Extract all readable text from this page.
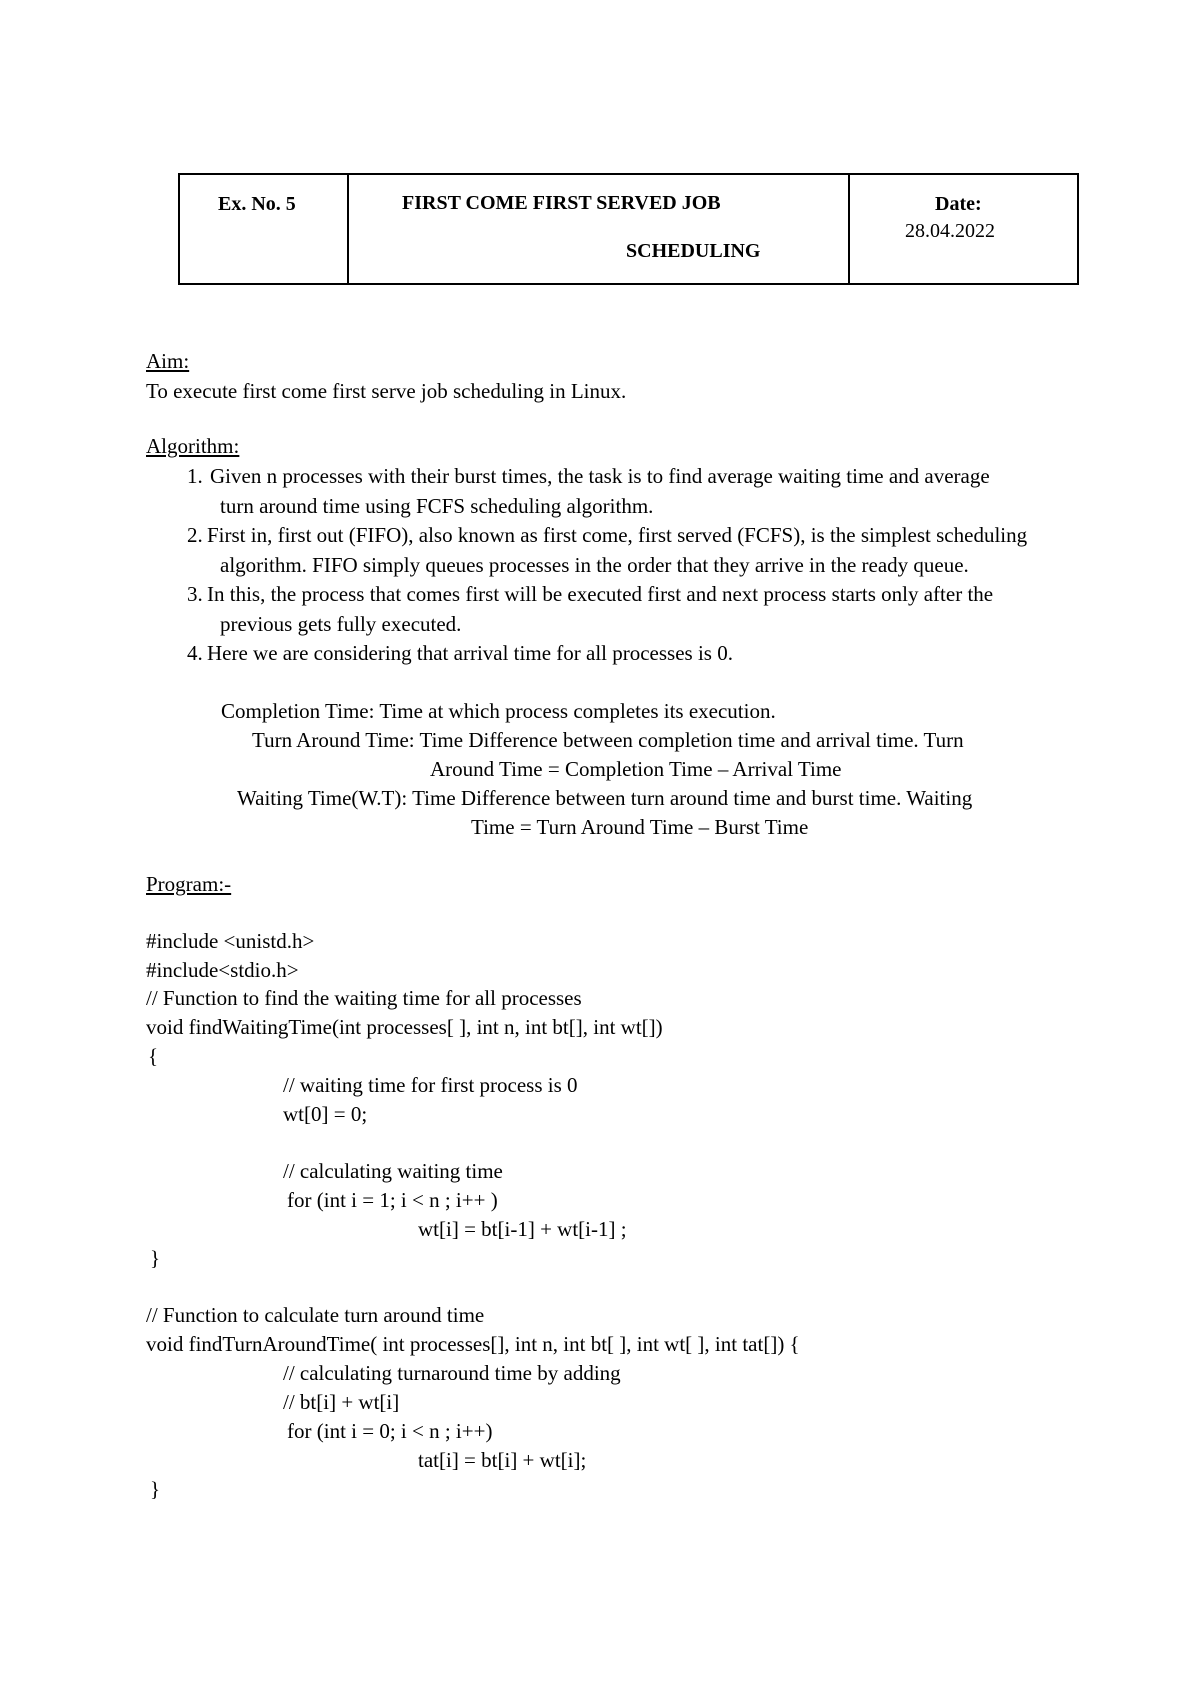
Ex. No. 5	FIRST COME FIRST SERVED JOB
SCHEDULING
Date:
28.04.2022
Aim:
To execute first come first serve job scheduling in Linux.
Algorithm:
1. Given n processes with their burst times, the task is to find average waiting time and average
turn around time using FCFS scheduling algorithm.
2. First in, first out (FIFO), also known as first come, first served (FCFS), is the simplest scheduling
algorithm. FIFO simply queues processes in the order that they arrive in the ready queue.
3. In this, the process that comes first will be executed first and next process starts only after the
previous gets fully executed.
4. Here we are considering that arrival time for all processes is 0.
Completion Time: Time at which process completes its execution.
Turn Around Time: Time Difference between completion time and arrival time. Turn
Around Time = Completion Time – Arrival Time
Waiting Time(W.T): Time Difference between turn around time and burst time. Waiting
Time = Turn Around Time – Burst Time
Program:-
#include <unistd.h>
#include<stdio.h>
// Function to find the waiting time for all processes
void findWaitingTime(int processes[ ], int n, int bt[], int wt[])
{
// waiting time for first process is 0
wt[0] = 0;
// calculating waiting time
for (int i = 1; i < n ; i++ )
wt[i] = bt[i-1] + wt[i-1] ;
}
// Function to calculate turn around time
void findTurnAroundTime( int processes[], int n, int bt[ ], int wt[ ], int tat[]) {
// calculating turnaround time by adding
// bt[i] + wt[i]
for (int i = 0; i < n ; i++)
tat[i] = bt[i] + wt[i];
}
